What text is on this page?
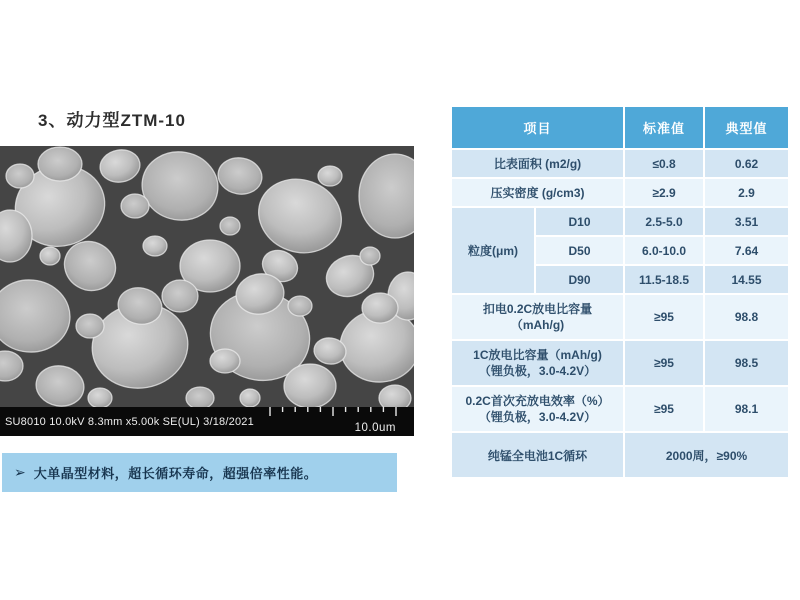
3、动力型ZTM-10
SU8010 10.0kV 8.3mm x5.00k SE(UL) 3/18/2021
10.0um
➢ 大单晶型材料，超长循环寿命，超强倍率性能。
项目		标准值	典型值
比表面积 (m2/g)		≤0.8	0.62
压实密度 (g/cm3)		≥2.9	2.9
粒度(μm)	D10	2.5-5.0	3.51
	D50	6.0-10.0	7.64
	D90	11.5-18.5	14.55

扣电0.2C放电比容量
（mAh/g)		≥95	98.8

1C放电比容量（mAh/g)
（锂负极，3.0-4.2V）		≥95	98.5

0.2C首次充放电效率（%）
（锂负极，3.0-4.2V）		≥95	98.1
纯锰全电池1C循环		2000周，≥90%	
